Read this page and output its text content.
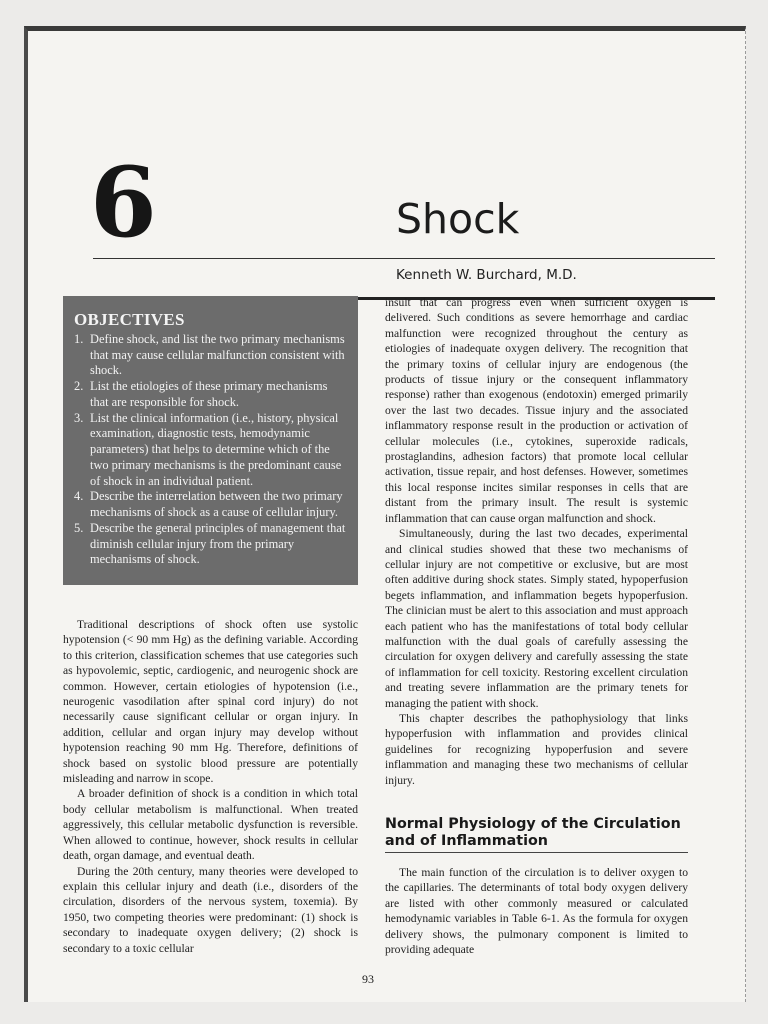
6	Shock
Kenneth W. Burchard, M.D.
OBJECTIVES
1. Define shock, and list the two primary mechanisms that may cause cellular malfunction consistent with shock.
2. List the etiologies of these primary mechanisms that are responsible for shock.
3. List the clinical information (i.e., history, physical examination, diagnostic tests, hemodynamic parameters) that helps to determine which of the two primary mechanisms is the predominant cause of shock in an individual patient.
4. Describe the interrelation between the two primary mechanisms of shock as a cause of cellular injury.
5. Describe the general principles of management that diminish cellular injury from the primary mechanisms of shock.

Traditional descriptions of shock often use systolic hypotension (< 90 mm Hg) as the defining variable. According to this criterion, classification schemes that use categories such as hypovolemic, septic, cardiogenic, and neurogenic shock are common. However, certain etiologies of hypotension (i.e., neurogenic vasodilation after spinal cord injury) do not necessarily cause significant cellular or organ injury. In addition, cellular and organ injury may develop without hypotension reaching 90 mm Hg. Therefore, definitions of shock based on systolic blood pressure are potentially misleading and narrow in scope.

A broader definition of shock is a condition in which total body cellular metabolism is malfunctional. When treated aggressively, this cellular metabolic dysfunction is reversible. When allowed to continue, however, shock results in cellular death, organ damage, and eventual death.

During the 20th century, many theories were developed to explain this cellular injury and death (i.e., disorders of the circulation, disorders of the nervous system, toxemia). By 1950, two competing theories were predominant: (1) shock is secondary to inadequate oxygen delivery; (2) shock is secondary to a toxic cellular

insult that can progress even when sufficient oxygen is delivered. Such conditions as severe hemorrhage and cardiac malfunction were recognized throughout the century as etiologies of inadequate oxygen delivery. The recognition that the primary toxins of cellular injury are endogenous (the products of tissue injury or the consequent inflammatory response) rather than exogenous (endotoxin) emerged primarily over the last two decades. Tissue injury and the associated inflammatory response result in the production or activation of cellular molecules (i.e., cytokines, superoxide radicals, prostaglandins, adhesion factors) that promote local cellular activation, tissue repair, and host defenses. However, sometimes this local response incites similar responses in cells that are distant from the primary insult. The result is systemic inflammation that can cause organ malfunction and shock.

Simultaneously, during the last two decades, experimental and clinical studies showed that these two mechanisms of cellular injury are not competitive or exclusive, but are most often additive during shock states. Simply stated, hypoperfusion begets inflammation, and inflammation begets hypoperfusion. The clinician must be alert to this association and must approach each patient who has the manifestations of total body cellular malfunction with the dual goals of carefully assessing the circulation for oxygen delivery and carefully assessing the state of inflammation for cell toxicity. Restoring excellent circulation and treating severe inflammation are the primary tenets for managing the patient with shock.

This chapter describes the pathophysiology that links hypoperfusion with inflammation and provides clinical guidelines for recognizing hypoperfusion and severe inflammation and managing these two mechanisms of cellular injury.

Normal Physiology of the Circulation and of Inflammation

The main function of the circulation is to deliver oxygen to the capillaries. The determinants of total body oxygen delivery are listed with other commonly measured or calculated hemodynamic variables in Table 6-1. As the formula for oxygen delivery shows, the pulmonary component is limited to providing adequate

93
